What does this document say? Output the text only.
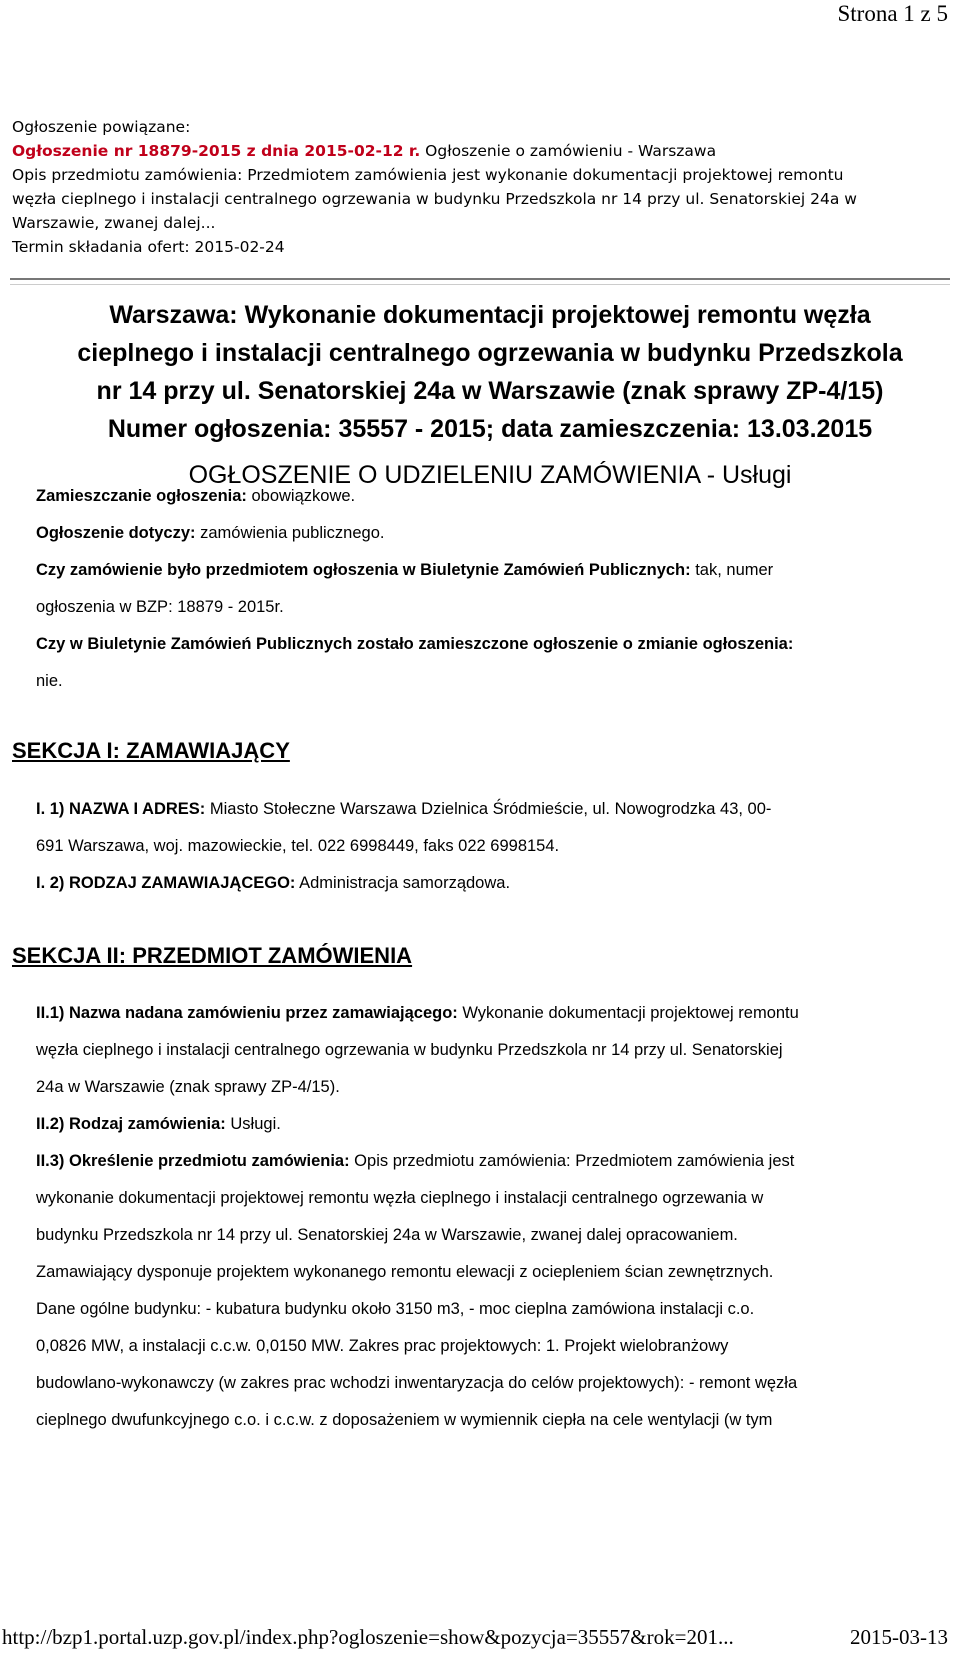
Strona 1 z 5
Ogłoszenie powiązane:
Ogłoszenie nr 18879-2015 z dnia 2015-02-12 r. Ogłoszenie o zamówieniu - Warszawa
Opis przedmiotu zamówienia: Przedmiotem zamówienia jest wykonanie dokumentacji projektowej remontu
węzła cieplnego i instalacji centralnego ogrzewania w budynku Przedszkola nr 14 przy ul. Senatorskiej 24a w
Warszawie, zwanej dalej...
Termin składania ofert: 2015-02-24
Warszawa: Wykonanie dokumentacji projektowej remontu węzła
cieplnego i instalacji centralnego ogrzewania w budynku Przedszkola
nr 14 przy ul. Senatorskiej 24a w Warszawie (znak sprawy ZP-4/15)
Numer ogłoszenia: 35557 - 2015; data zamieszczenia: 13.03.2015
OGŁOSZENIE O UDZIELENIU ZAMÓWIENIA - Usługi
Zamieszczanie ogłoszenia: obowiązkowe.
Ogłoszenie dotyczy: zamówienia publicznego.
Czy zamówienie było przedmiotem ogłoszenia w Biuletynie Zamówień Publicznych: tak, numer
ogłoszenia w BZP: 18879 - 2015r.
Czy w Biuletynie Zamówień Publicznych zostało zamieszczone ogłoszenie o zmianie ogłoszenia:
nie.
SEKCJA I: ZAMAWIAJĄCY
I. 1) NAZWA I ADRES: Miasto Stołeczne Warszawa Dzielnica Śródmieście, ul. Nowogrodzka 43, 00-
691 Warszawa, woj. mazowieckie, tel. 022 6998449, faks 022 6998154.
I. 2) RODZAJ ZAMAWIAJĄCEGO: Administracja samorządowa.
SEKCJA II: PRZEDMIOT ZAMÓWIENIA
II.1) Nazwa nadana zamówieniu przez zamawiającego: Wykonanie dokumentacji projektowej remontu
węzła cieplnego i instalacji centralnego ogrzewania w budynku Przedszkola nr 14 przy ul. Senatorskiej
24a w Warszawie (znak sprawy ZP-4/15).
II.2) Rodzaj zamówienia: Usługi.
II.3) Określenie przedmiotu zamówienia: Opis przedmiotu zamówienia: Przedmiotem zamówienia jest
wykonanie dokumentacji projektowej remontu węzła cieplnego i instalacji centralnego ogrzewania w
budynku Przedszkola nr 14 przy ul. Senatorskiej 24a w Warszawie, zwanej dalej opracowaniem.
Zamawiający dysponuje projektem wykonanego remontu elewacji z ociepleniem ścian zewnętrznych.
Dane ogólne budynku: - kubatura budynku około 3150 m3, - moc cieplna zamówiona instalacji c.o.
0,0826 MW, a instalacji c.c.w. 0,0150 MW. Zakres prac projektowych: 1. Projekt wielobranżowy
budowlano-wykonawczy (w zakres prac wchodzi inwentaryzacja do celów projektowych): - remont węzła
cieplnego dwufunkcyjnego c.o. i c.c.w. z doposażeniem w wymiennik ciepła na cele wentylacji (w tym
http://bzp1.portal.uzp.gov.pl/index.php?ogloszenie=show&pozycja=35557&rok=201...	2015-03-13
